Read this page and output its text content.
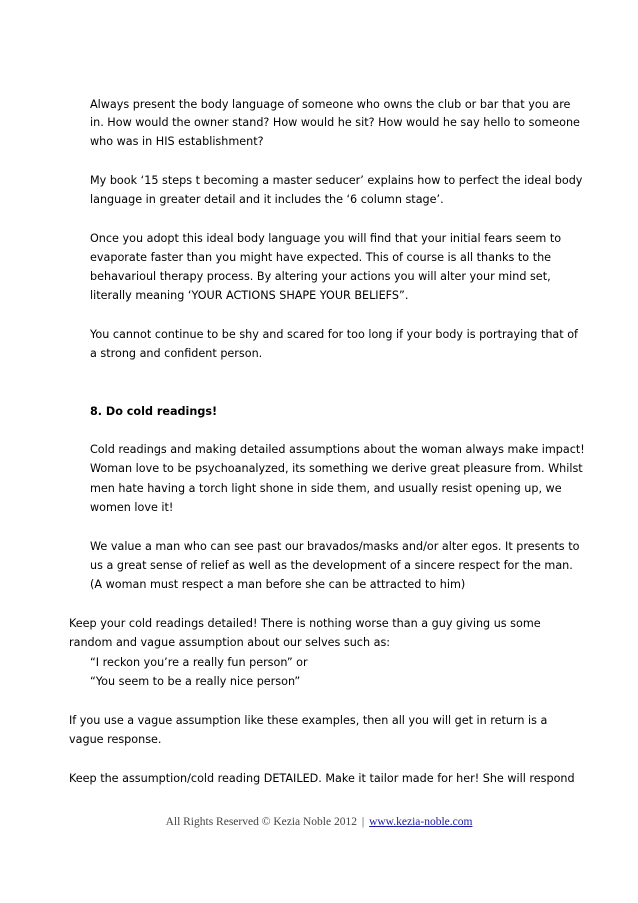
Always present the body language of someone who owns the club or bar that you are
in. How would the owner stand? How would he sit? How would he say hello to someone
who was in HIS establishment?
My book ‘15 steps t becoming a master seducer’ explains how to perfect the ideal body
language in greater detail and it includes the ‘6 column stage’.
Once you adopt this ideal body language you will find that your initial fears seem to
evaporate faster than you might have expected. This of course is all thanks to the
behavarioul therapy process. By altering your actions you will alter your mind set,
literally meaning ‘YOUR ACTIONS SHAPE YOUR BELIEFS”.
You cannot continue to be shy and scared for too long if your body is portraying that of
a strong and confident person.
8. Do cold readings!
Cold readings and making detailed assumptions about the woman always make impact!
Woman love to be psychoanalyzed, its something we derive great pleasure from. Whilst
men hate having a torch light shone in side them, and usually resist opening up, we
women love it!
We value a man who can see past our bravados/masks and/or alter egos. It presents to
us a great sense of relief as well as the development of a sincere respect for the man.
(A woman must respect a man before she can be attracted to him)
Keep your cold readings detailed! There is nothing worse than a guy giving us some
random and vague assumption about our selves such as:
“I reckon you’re a really fun person” or
“You seem to be a really nice person”
If you use a vague assumption like these examples, then all you will get in return is a
vague response.
Keep the assumption/cold reading DETAILED. Make it tailor made for her! She will respond
All Rights Reserved © Kezia Noble 2012 | www.kezia-noble.com
